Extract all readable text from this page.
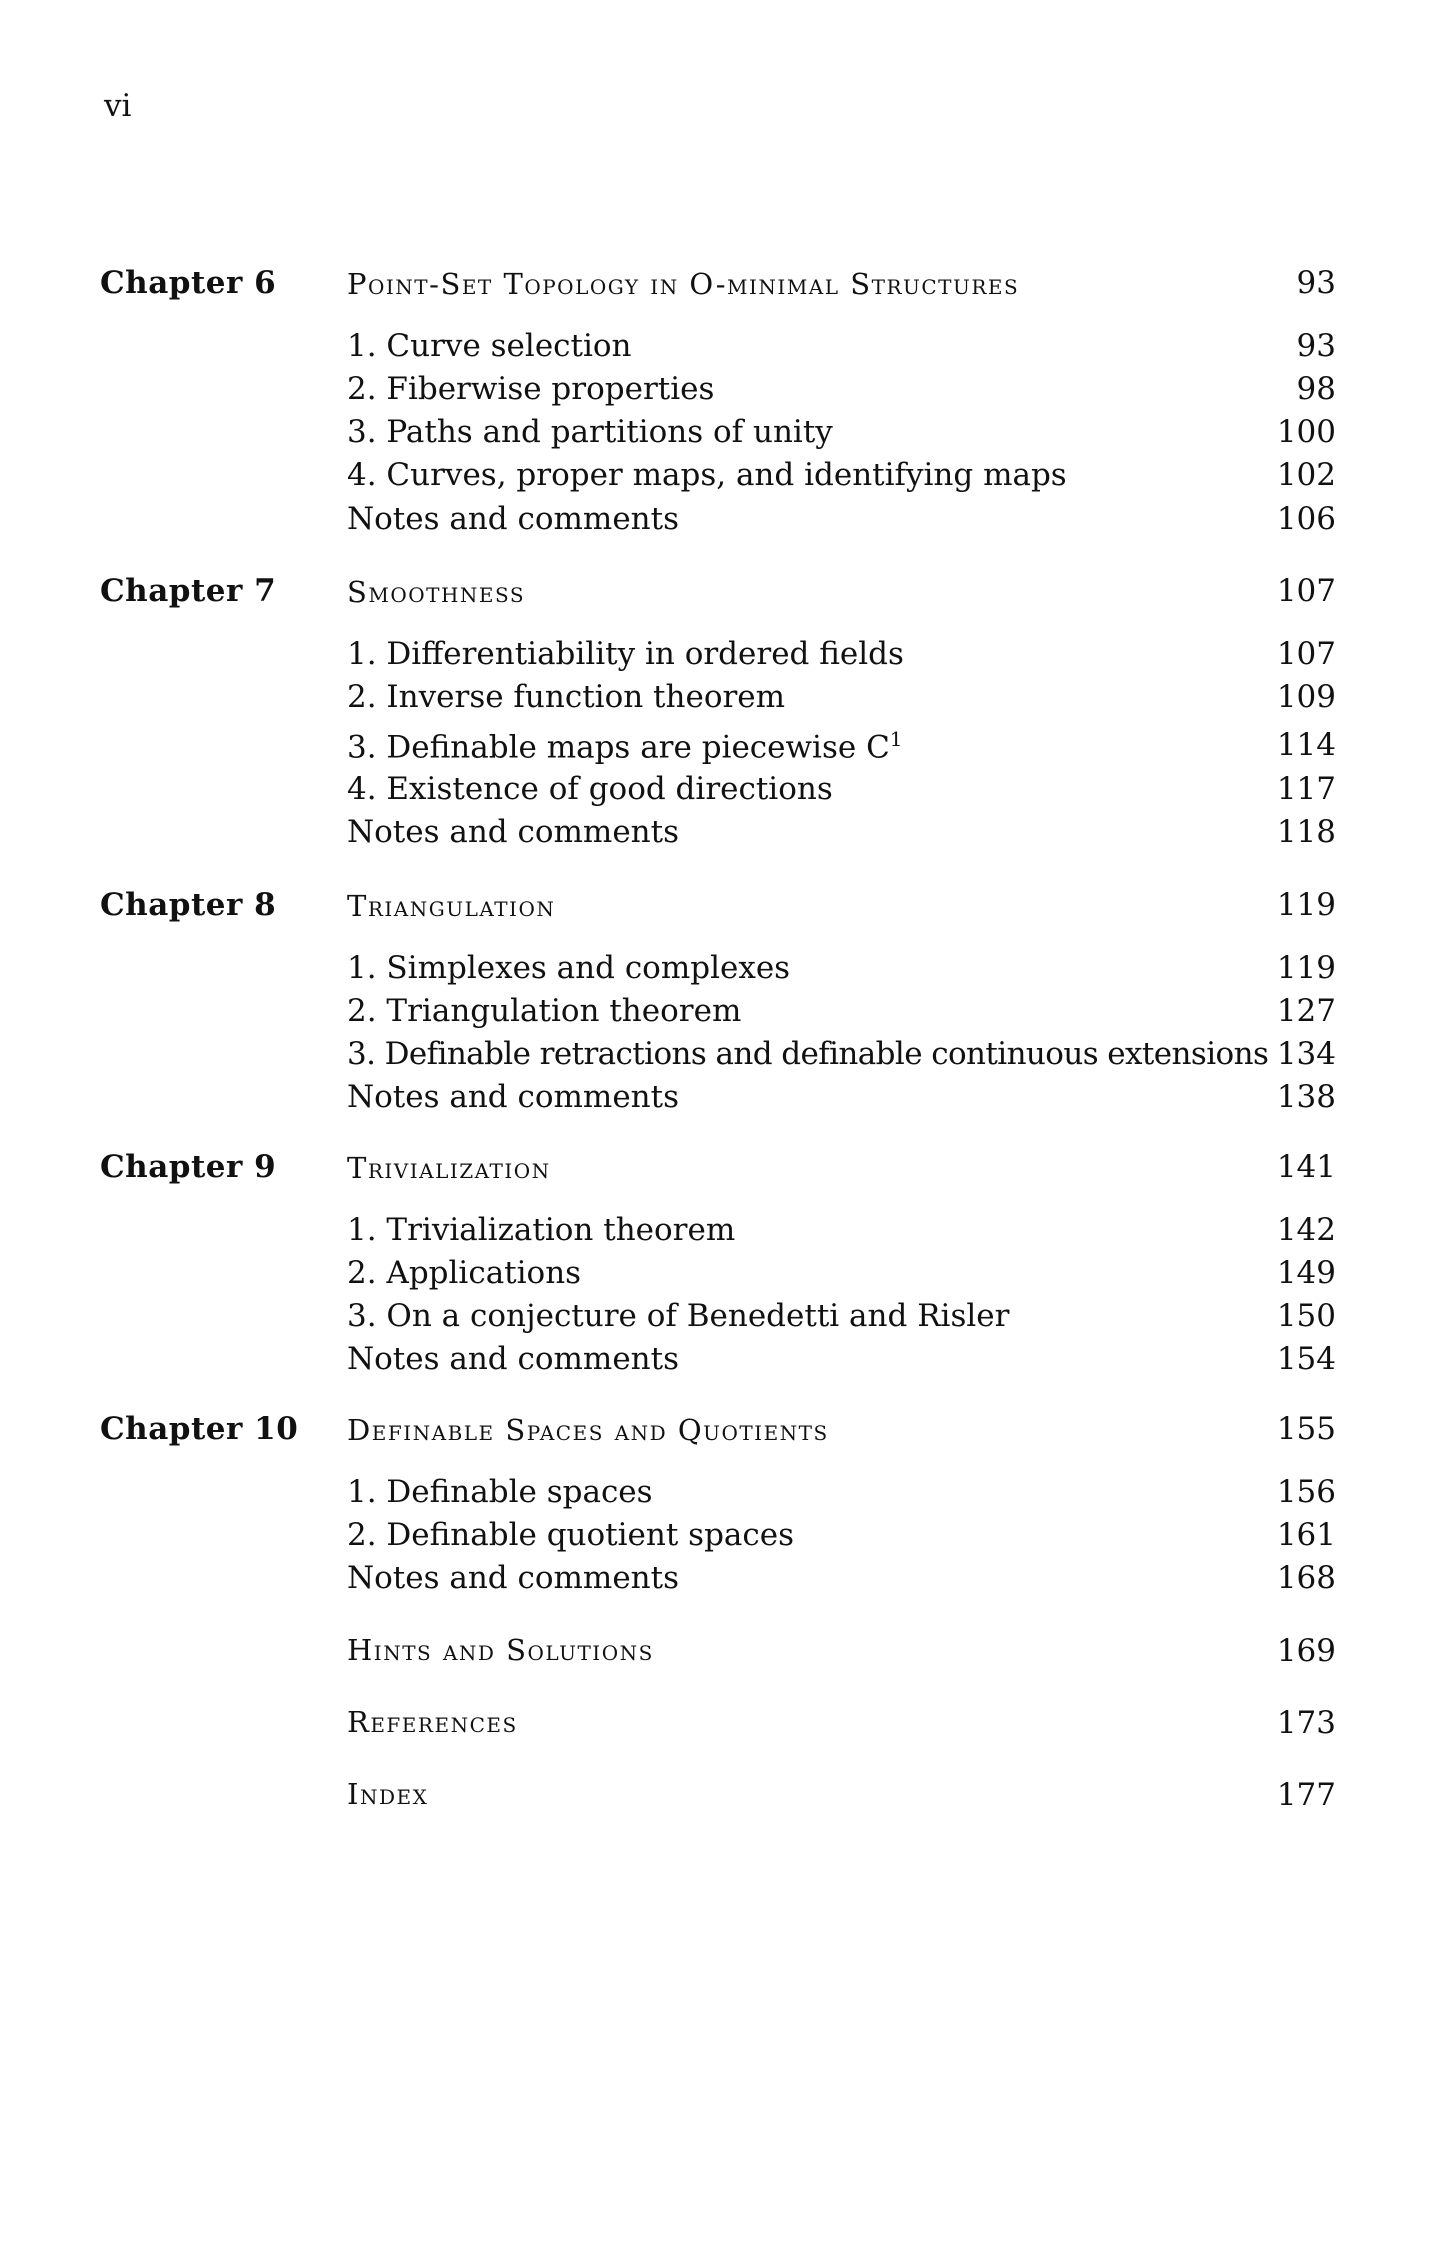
vi
Chapter 6 Point-Set Topology in O-minimal Structures	93
1. Curve selection	93
2. Fiberwise properties	98
3. Paths and partitions of unity	100
4. Curves, proper maps, and identifying maps	102
Notes and comments	106
Chapter 7 Smoothness	107
1. Differentiability in ordered fields	107
2. Inverse function theorem	109
3. Definable maps are piecewise $C^1$	114
4. Existence of good directions	117
Notes and comments	118
Chapter 8 Triangulation	119
1. Simplexes and complexes	119
2. Triangulation theorem	127
3. Definable retractions and definable continuous extensions 134
Notes and comments	138
Chapter 9 Trivialization	141
1. Trivialization theorem	142
2. Applications	149
3. On a conjecture of Benedetti and Risler	150
Notes and comments	154
Chapter 10 Definable Spaces and Quotients	155
1. Definable spaces	156
2. Definable quotient spaces	161
Notes and comments	168
Hints and Solutions	169
References	173
Index	177
